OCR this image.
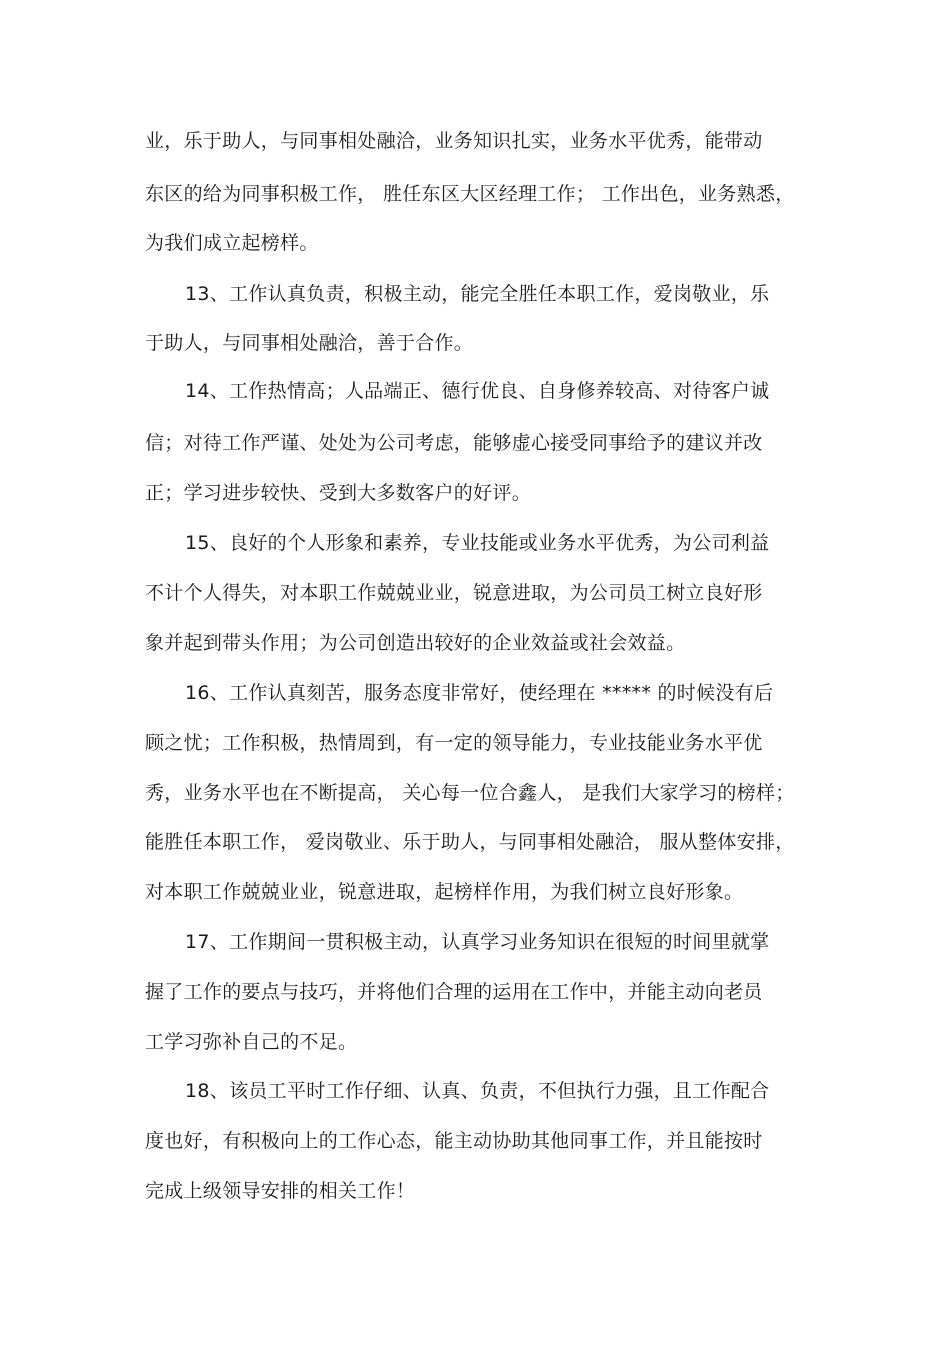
业，乐于助人，与同事相处融洽，业务知识扎实，业务水平优秀，能带动
东区的给为同事积极工作， 胜任东区大区经理工作； 工作出色，业务熟悉，
为我们成立起榜样。
13、工作认真负责，积极主动，能完全胜任本职工作，爱岗敬业，乐
于助人，与同事相处融洽，善于合作。
14、工作热情高；人品端正、德行优良、自身修养较高、对待客户诚
信；对待工作严谨、处处为公司考虑，能够虚心接受同事给予的建议并改
正；学习进步较快、受到大多数客户的好评。
15、良好的个人形象和素养，专业技能或业务水平优秀，为公司利益
不计个人得失，对本职工作兢兢业业，锐意进取，为公司员工树立良好形
象并起到带头作用；为公司创造出较好的企业效益或社会效益。
16、工作认真刻苦，服务态度非常好，使经理在 ***** 的时候没有后
顾之忧；工作积极，热情周到，有一定的领导能力，专业技能业务水平优
秀，业务水平也在不断提高， 关心每一位合鑫人， 是我们大家学习的榜样；
能胜任本职工作， 爱岗敬业、乐于助人，与同事相处融洽， 服从整体安排，
对本职工作兢兢业业，锐意进取，起榜样作用，为我们树立良好形象。
17、工作期间一贯积极主动，认真学习业务知识在很短的时间里就掌
握了工作的要点与技巧，并将他们合理的运用在工作中，并能主动向老员
工学习弥补自己的不足。
18、该员工平时工作仔细、认真、负责，不但执行力强，且工作配合
度也好，有积极向上的工作心态，能主动协助其他同事工作，并且能按时
完成上级领导安排的相关工作！
